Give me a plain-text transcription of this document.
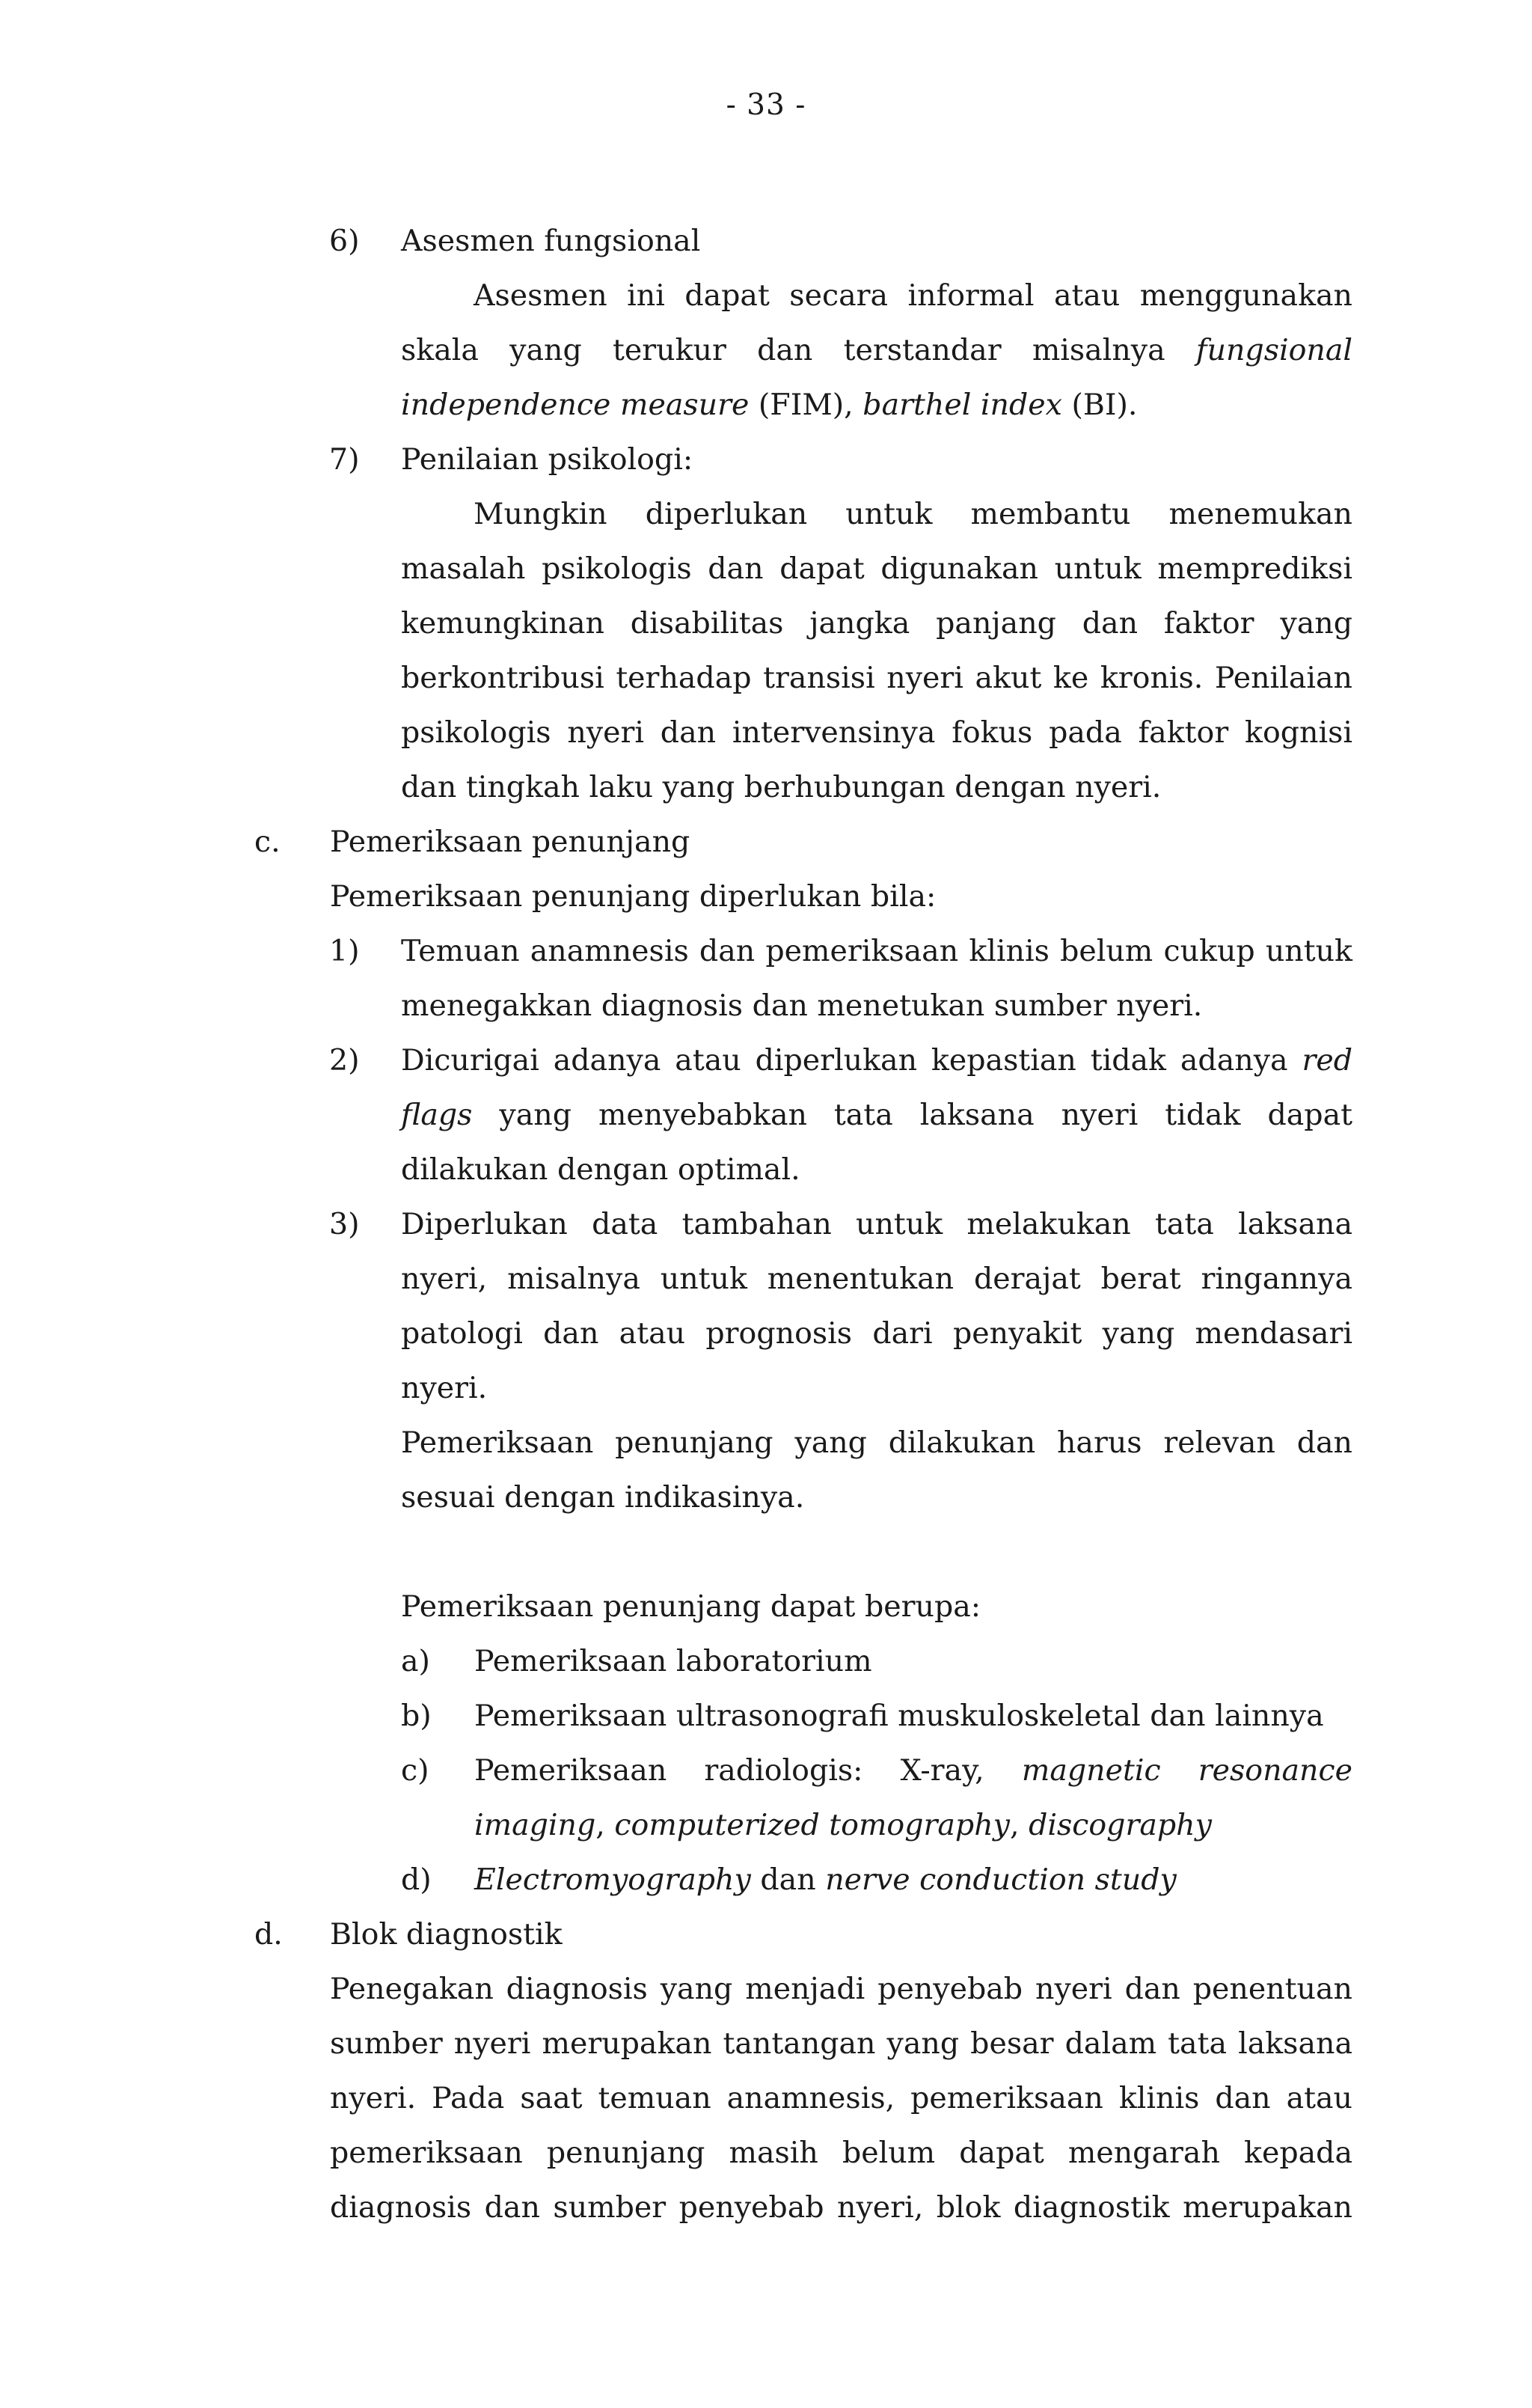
- 33 -
6) Asesmen fungsional
Asesmen ini dapat secara informal atau menggunakan skala yang terukur dan terstandar misalnya fungsional independence measure (FIM), barthel index (BI).
7) Penilaian psikologi:
Mungkin diperlukan untuk membantu menemukan masalah psikologis dan dapat digunakan untuk memprediksi kemungkinan disabilitas jangka panjang dan faktor yang berkontribusi terhadap transisi nyeri akut ke kronis. Penilaian psikologis nyeri dan intervensinya fokus pada faktor kognisi dan tingkah laku yang berhubungan dengan nyeri.
c. Pemeriksaan penunjang
Pemeriksaan penunjang diperlukan bila:
1) Temuan anamnesis dan pemeriksaan klinis belum cukup untuk menegakkan diagnosis dan menetukan sumber nyeri.
2) Dicurigai adanya atau diperlukan kepastian tidak adanya red flags yang menyebabkan tata laksana nyeri tidak dapat dilakukan dengan optimal.
3) Diperlukan data tambahan untuk melakukan tata laksana nyeri, misalnya untuk menentukan derajat berat ringannya patologi dan atau prognosis dari penyakit yang mendasari nyeri.
Pemeriksaan penunjang yang dilakukan harus relevan dan sesuai dengan indikasinya.
Pemeriksaan penunjang dapat berupa:
a) Pemeriksaan laboratorium
b) Pemeriksaan ultrasonografi muskuloskeletal dan lainnya
c) Pemeriksaan radiologis: X-ray, magnetic resonance imaging, computerized tomography, discography
d) Electromyography dan nerve conduction study
d. Blok diagnostik
Penegakan diagnosis yang menjadi penyebab nyeri dan penentuan sumber nyeri merupakan tantangan yang besar dalam tata laksana nyeri. Pada saat temuan anamnesis, pemeriksaan klinis dan atau pemeriksaan penunjang masih belum dapat mengarah kepada diagnosis dan sumber penyebab nyeri, blok diagnostik merupakan
